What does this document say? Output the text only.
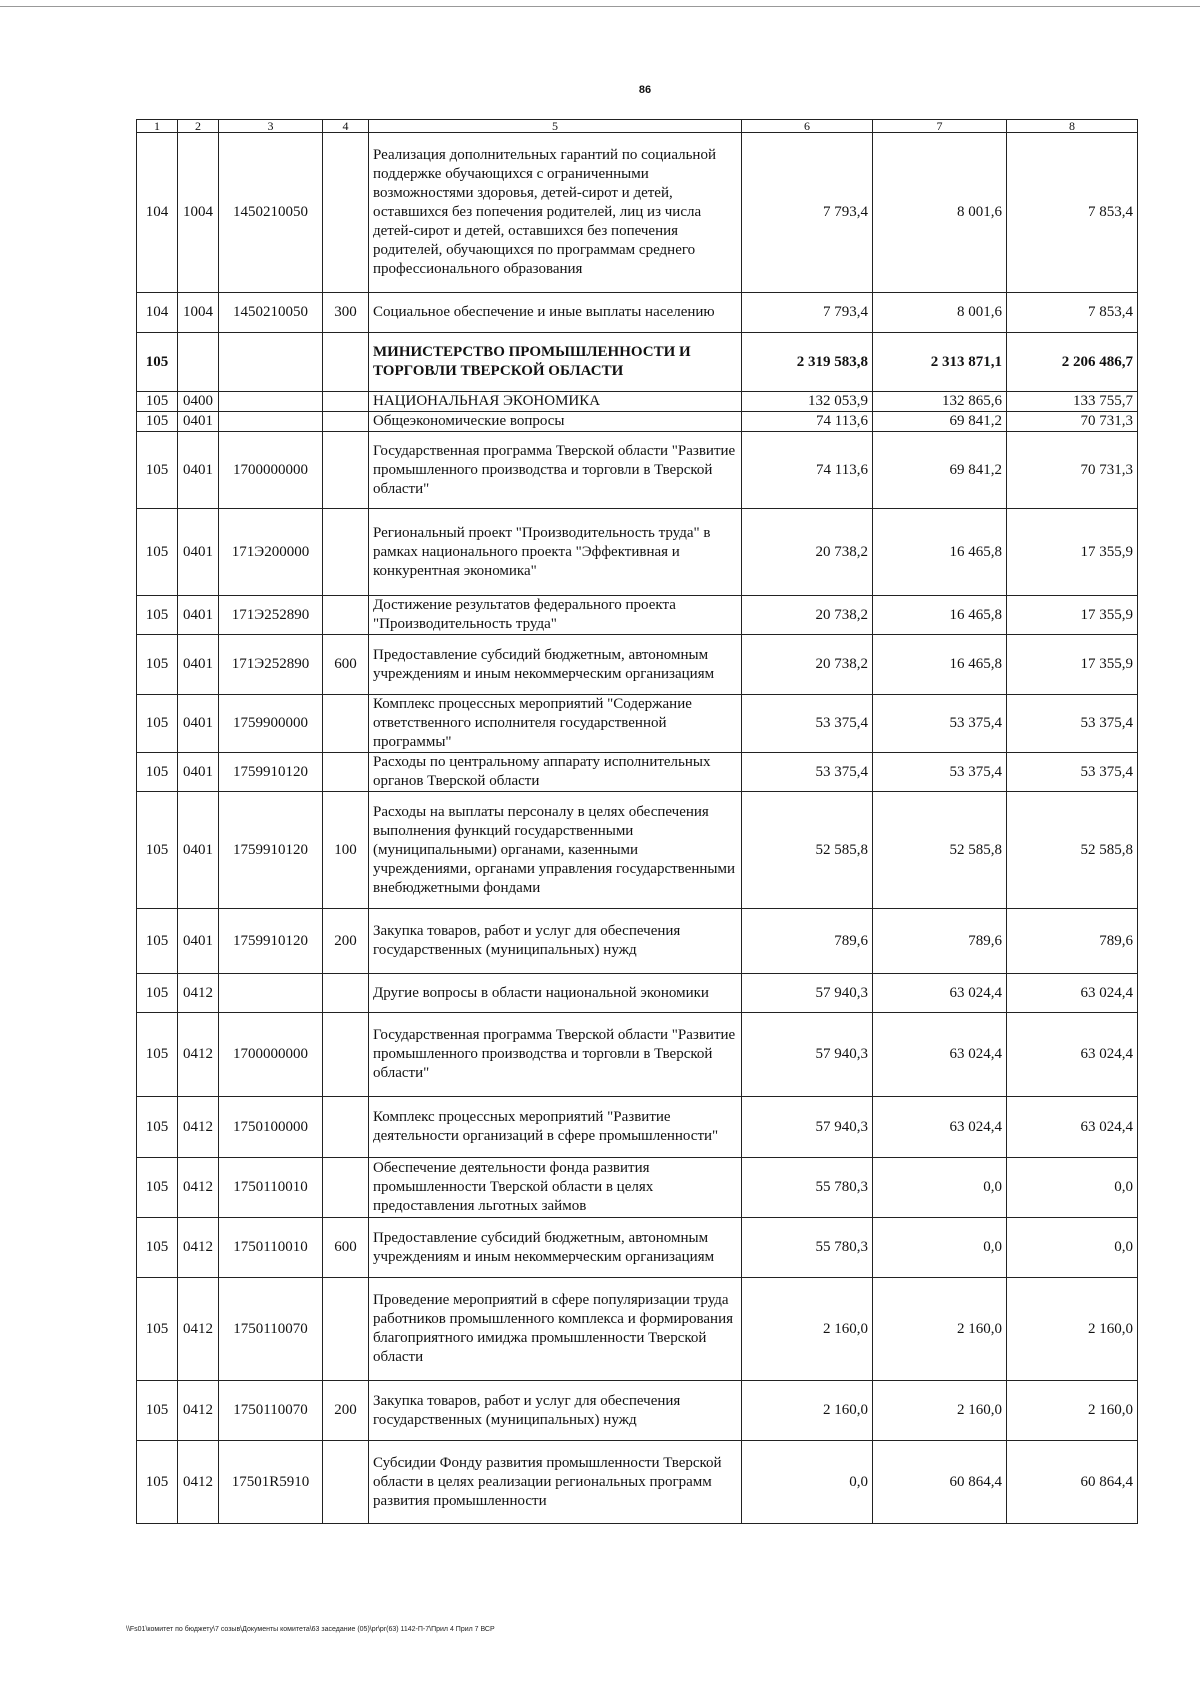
86
1	2	3	4	5	6	7	8
104	1004	1450210050		Реализация дополнительных гарантий по социальной поддержке обучающихся с ограниченными возможностями здоровья, детей-сирот и детей, оставшихся без попечения родителей, лиц из числа детей-сирот и детей, оставшихся без попечения родителей, обучающихся по программам среднего профессионального образования	7 793,4	8 001,6	7 853,4
104	1004	1450210050	300	Социальное обеспечение и иные выплаты населению	7 793,4	8 001,6	7 853,4
105				МИНИСТЕРСТВО ПРОМЫШЛЕННОСТИ И ТОРГОВЛИ ТВЕРСКОЙ ОБЛАСТИ	2 319 583,8	2 313 871,1	2 206 486,7
105	0400			НАЦИОНАЛЬНАЯ ЭКОНОМИКА	132 053,9	132 865,6	133 755,7
105	0401			Общеэкономические вопросы	74 113,6	69 841,2	70 731,3
105	0401	1700000000		Государственная программа Тверской области "Развитие промышленного производства и торговли в Тверской области"	74 113,6	69 841,2	70 731,3
105	0401	171Э200000		Региональный проект "Производительность труда" в рамках национального проекта "Эффективная и конкурентная экономика"	20 738,2	16 465,8	17 355,9
105	0401	171Э252890		Достижение результатов федерального проекта "Производительность труда"	20 738,2	16 465,8	17 355,9
105	0401	171Э252890	600	Предоставление субсидий бюджетным, автономным учреждениям и иным некоммерческим организациям	20 738,2	16 465,8	17 355,9
105	0401	1759900000		Комплекс процессных мероприятий "Содержание ответственного исполнителя государственной программы"	53 375,4	53 375,4	53 375,4
105	0401	1759910120		Расходы по центральному аппарату исполнительных органов Тверской области	53 375,4	53 375,4	53 375,4
105	0401	1759910120	100	Расходы на выплаты персоналу в целях обеспечения выполнения функций государственными (муниципальными) органами, казенными учреждениями, органами управления государственными внебюджетными фондами	52 585,8	52 585,8	52 585,8
105	0401	1759910120	200	Закупка товаров, работ и услуг для обеспечения государственных (муниципальных) нужд	789,6	789,6	789,6
105	0412			Другие вопросы в области национальной экономики	57 940,3	63 024,4	63 024,4
105	0412	1700000000		Государственная программа Тверской области "Развитие промышленного производства и торговли в Тверской области"	57 940,3	63 024,4	63 024,4
105	0412	1750100000		Комплекс процессных мероприятий "Развитие деятельности организаций в сфере промышленности"	57 940,3	63 024,4	63 024,4
105	0412	1750110010		Обеспечение деятельности фонда развития промышленности Тверской области в целях предоставления льготных займов	55 780,3	0,0	0,0
105	0412	1750110010	600	Предоставление субсидий бюджетным, автономным учреждениям и иным некоммерческим организациям	55 780,3	0,0	0,0
105	0412	1750110070		Проведение мероприятий в сфере популяризации труда работников промышленного комплекса и формирования благоприятного имиджа промышленности Тверской области	2 160,0	2 160,0	2 160,0
105	0412	1750110070	200	Закупка товаров, работ и услуг для обеспечения государственных (муниципальных) нужд	2 160,0	2 160,0	2 160,0
105	0412	17501R5910		Субсидии Фонду развития промышленности Тверской области в целях реализации региональных программ развития промышленности	0,0	60 864,4	60 864,4
\\Fs01\комитет по бюджету\7 созыв\Документы комитета\63 заседание (05)\pr\pr(63) 1142-П-7\Прил 4 Прил 7 ВСР
